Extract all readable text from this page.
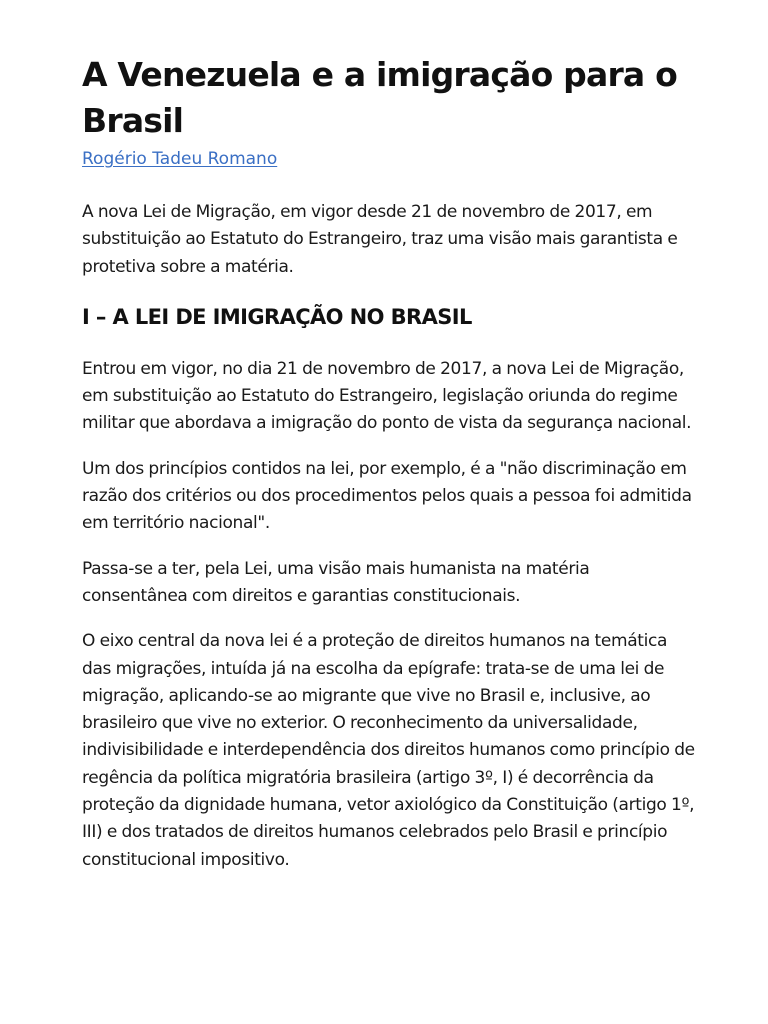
A Venezuela e a imigração para o Brasil
Rogério Tadeu Romano

A nova Lei de Migração, em vigor desde 21 de novembro de 2017, em substituição ao Estatuto do Estrangeiro, traz uma visão mais garantista e protetiva sobre a matéria.

I – A LEI DE IMIGRAÇÃO NO BRASIL

Entrou em vigor, no dia 21 de novembro de 2017, a nova Lei de Migração, em substituição ao Estatuto do Estrangeiro, legislação oriunda do regime militar que abordava a imigração do ponto de vista da segurança nacional.

Um dos princípios contidos na lei, por exemplo, é a "não discriminação em razão dos critérios ou dos procedimentos pelos quais a pessoa foi admitida em território nacional".

Passa-se a ter, pela Lei, uma visão mais humanista na matéria consentânea com direitos e garantias constitucionais.

O eixo central da nova lei é a proteção de direitos humanos na temática das migrações, intuída já na escolha da epígrafe: trata-se de uma lei de migração, aplicando-se ao migrante que vive no Brasil e, inclusive, ao brasileiro que vive no exterior. O reconhecimento da universalidade, indivisibilidade e interdependência dos direitos humanos como princípio de regência da política migratória brasileira (artigo 3º, I) é decorrência da proteção da dignidade humana, vetor axiológico da Constituição (artigo 1º, III) e dos tratados de direitos humanos celebrados pelo Brasil e princípio constitucional impositivo.
